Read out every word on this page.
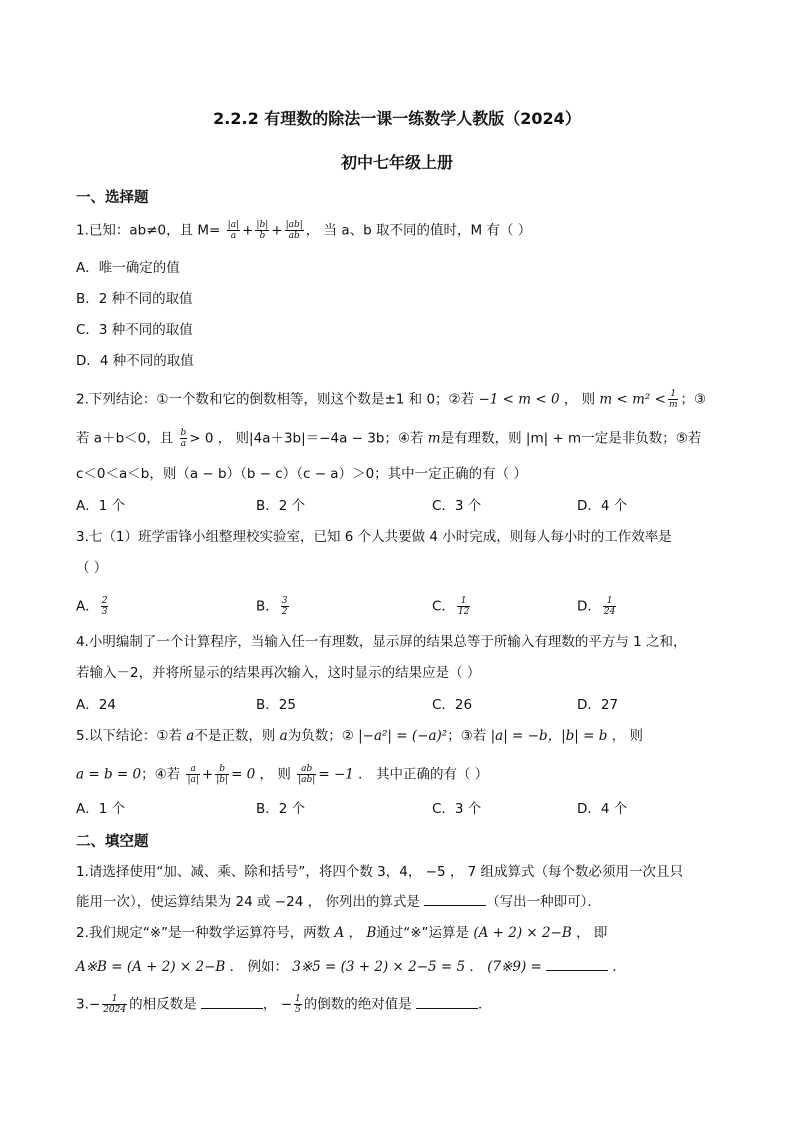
2.2.2 有理数的除法一课一练数学人教版（2024）
初中七年级上册
一、选择题
1.已知：ab≠0，且 $M= \frac{|a|}{a} + \frac{|b|}{b} + \frac{|ab|}{ab}$ ， 当 a、b 取不同的值时，M 有（ ）
A．唯一确定的值
B．2 种不同的取值
C．3 种不同的取值
D．4 种不同的取值
2.下列结论：①一个数和它的倒数相等，则这个数是±1 和 0；②若 −1 < m < 0 ， 则 $m < m^2 < \frac{1}{m}$ ；③
若 a＋b＜0，且 $\frac{b}{a} > 0$ ， 则|4a＋3b|＝−4a − 3b；④若 m是有理数，则 |m| + m一定是非负数；⑤若
c＜0＜a＜b，则（a − b）（b − c）（c − a）＞0；其中一定正确的有（ ）
A．1 个	B．2 个	C．3 个	D．4 个
3.七（1）班学雷锋小组整理校实验室，已知 6 个人共要做 4 小时完成，则每人每小时的工作效率是
（ ）
A． $\frac{2}{3}$	B． $\frac{3}{2}$	C． $\frac{1}{12}$	D． $\frac{1}{24}$
4.小明编制了一个计算程序，当输入任一有理数，显示屏的结果总等于所输入有理数的平方与 1 之和，
若输入－2，并将所显示的结果再次输入，这时显示的结果应是（ ）
A．24	B．25	C．26	D．27
5.以下结论：①若 a不是正数，则 a为负数；② |−a²| = (−a)²；③若 |a| = −b，|b| = b ， 则
a = b = 0；④若 $\frac{a}{|a|} + \frac{b}{|b|} = 0$ ， 则 $\frac{ab}{|ab|} = -1$ ． 其中正确的有（ ）
A．1 个	B．2 个	C．3 个	D．4 个
二、填空题
1.请选择使用“加、减、乘、除和括号”，将四个数 3，4， −5 ， 7 组成算式（每个数必须用一次且只
能用一次），使运算结果为 24 或 −24 ， 你列出的算式是	（写出一种即可）．
2.我们规定“※”是一种数学运算符号，两数 A ， B通过“※”运算是 (A + 2) × 2−B ， 即
A※B = (A + 2) × 2−B ． 例如： 3※5 = (3 + 2) × 2−5 = 5 ． (7※9) =	．
$3.- \frac{1}{2024}$ 的相反数是	， − $\frac{1}{5}$ 的倒数的绝对值是	．
